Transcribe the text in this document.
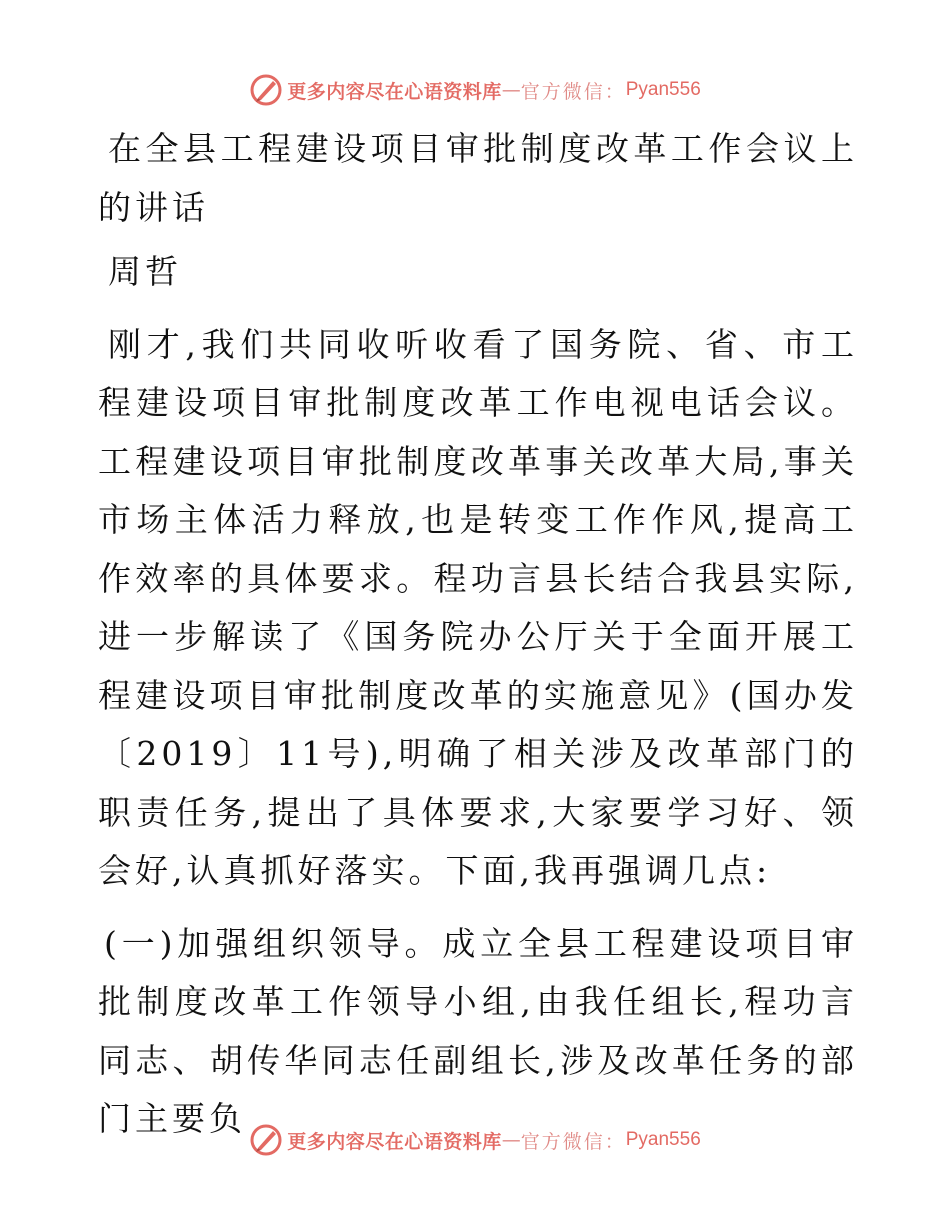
更多内容尽在心语资料库 — 官方微信： Pyan556

在全县工程建设项目审批制度改革工作会议上的讲话

周哲

刚才,我们共同收听收看了国务院、省、市工程建设项目审批制度改革工作电视电话会议。工程建设项目审批制度改革事关改革大局,事关市场主体活力释放,也是转变工作作风,提高工作效率的具体要求。程功言县长结合我县实际,进一步解读了《国务院办公厅关于全面开展工程建设项目审批制度改革的实施意见》(国办发〔2019〕11号),明确了相关涉及改革部门的职责任务,提出了具体要求,大家要学习好、领会好,认真抓好落实。下面,我再强调几点:

(一)加强组织领导。成立全县工程建设项目审批制度改革工作领导小组,由我任组长,程功言同志、胡传华同志任副组长,涉及改革任务的部门主要负

更多内容尽在心语资料库 — 官方微信： Pyan556
